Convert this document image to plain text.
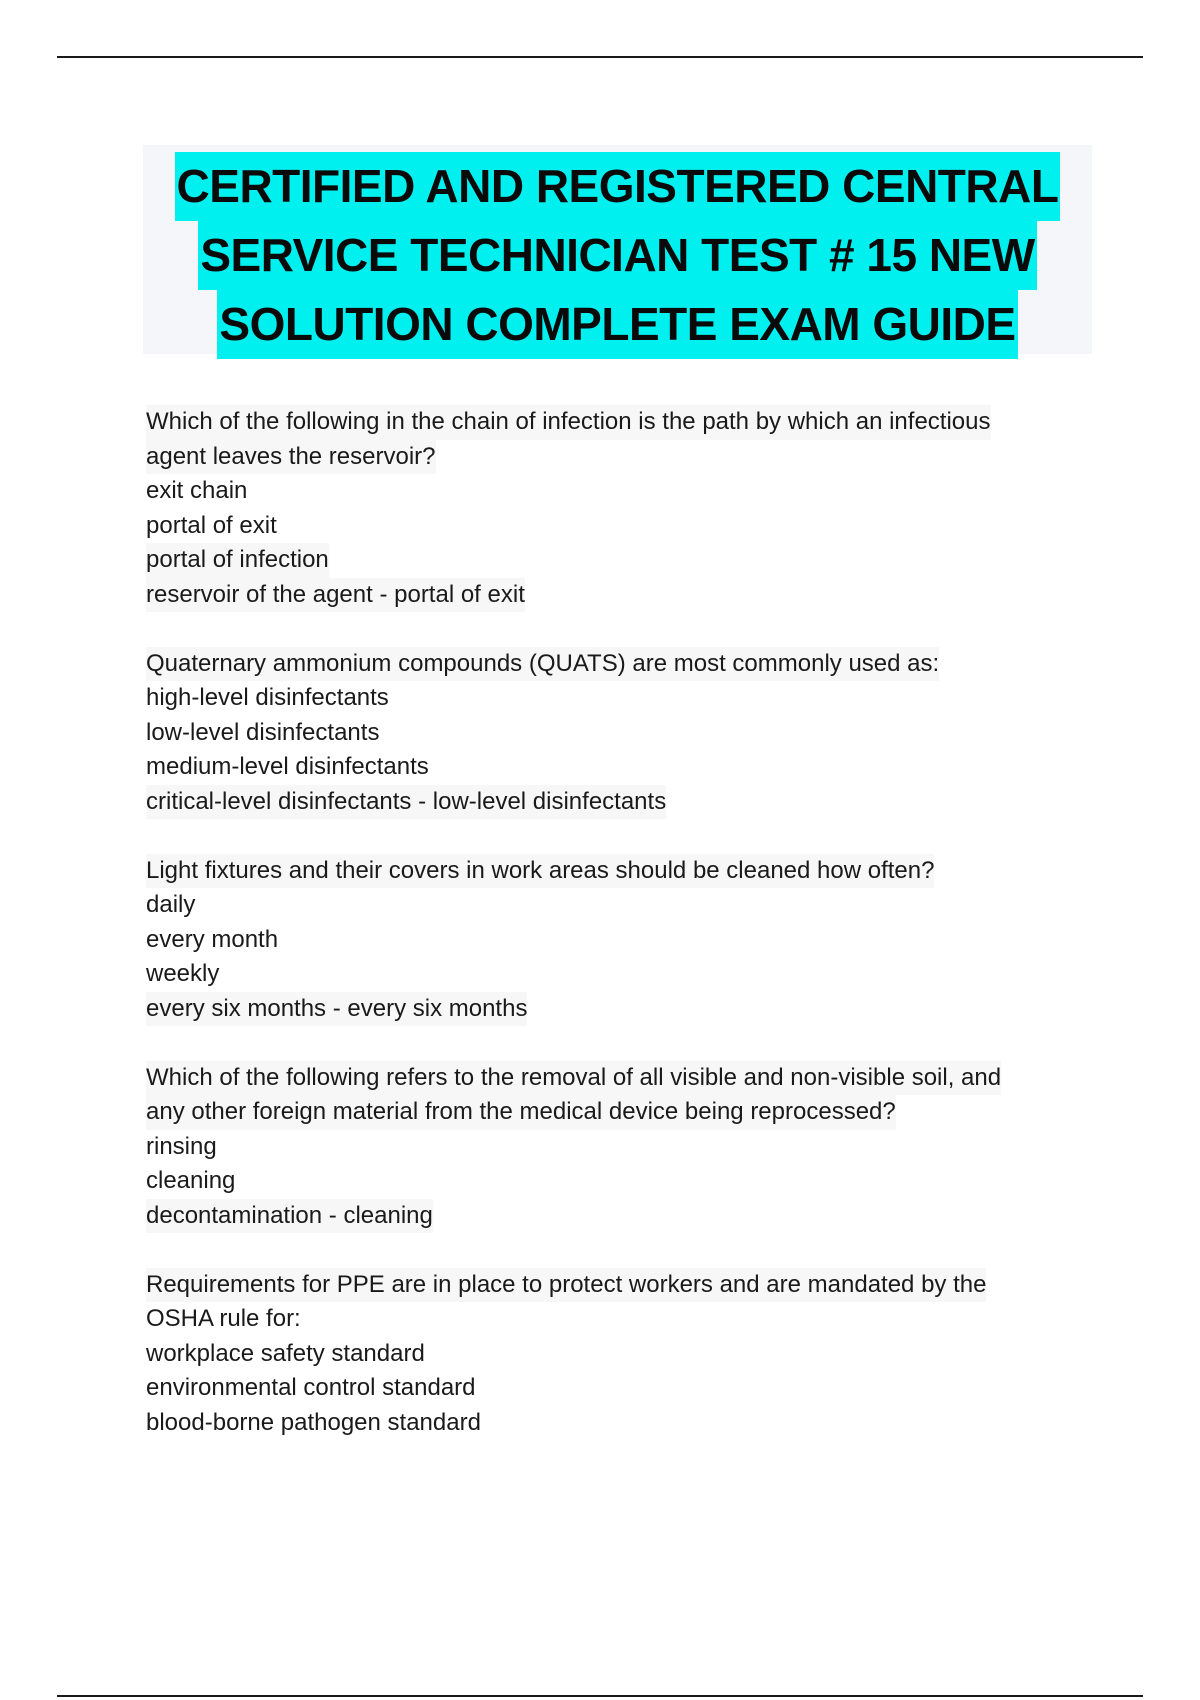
CERTIFIED AND REGISTERED CENTRAL
SERVICE TECHNICIAN TEST # 15 NEW
SOLUTION COMPLETE EXAM GUIDE
Which of the following in the chain of infection is the path by which an infectious
agent leaves the reservoir?
exit chain
portal of exit
portal of infection
reservoir of the agent - portal of exit
Quaternary ammonium compounds (QUATS) are most commonly used as:
high-level disinfectants
low-level disinfectants
medium-level disinfectants
critical-level disinfectants - low-level disinfectants
Light fixtures and their covers in work areas should be cleaned how often?
daily
every month
weekly
every six months - every six months
Which of the following refers to the removal of all visible and non-visible soil, and
any other foreign material from the medical device being reprocessed?
rinsing
cleaning
decontamination - cleaning
Requirements for PPE are in place to protect workers and are mandated by the
OSHA rule for:
workplace safety standard
environmental control standard
blood-borne pathogen standard
